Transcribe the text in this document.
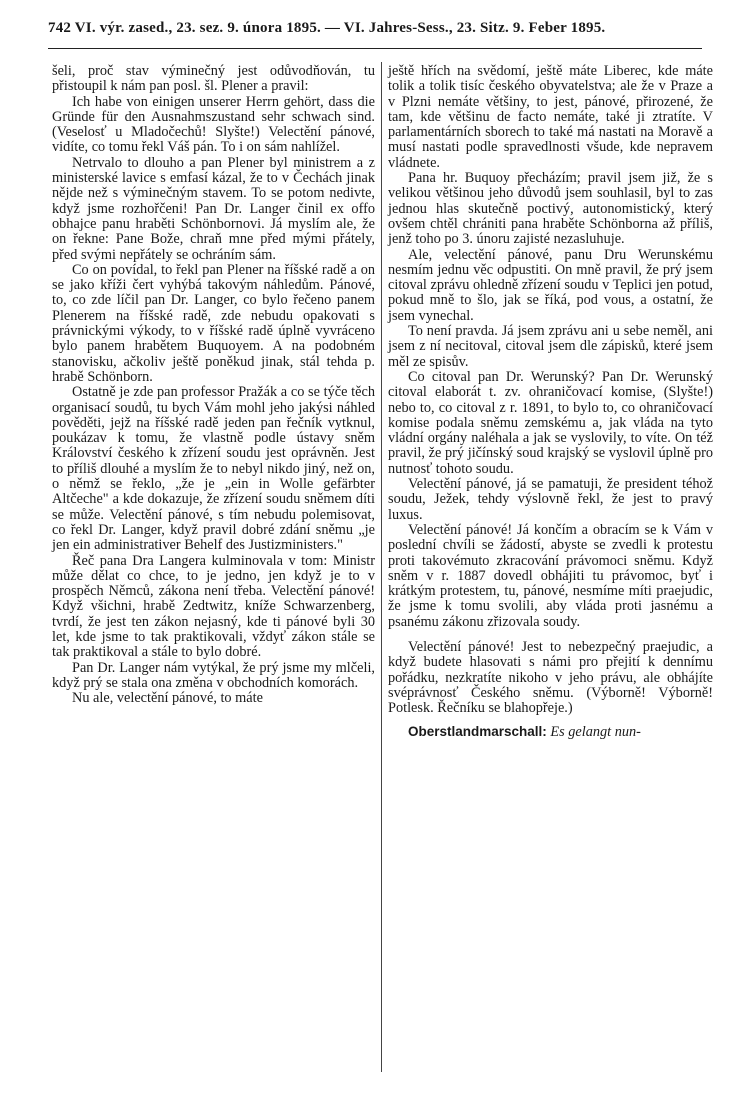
742 VI. výr. zased., 23. sez. 9. února 1895. — VI. Jahres-Sess., 23. Sitz. 9. Feber 1895.

šeli, proč stav výminečný jest odůvodňován, tu přistoupil k nám pan posl. šl. Plener a pravil:

Ich habe von einigen unserer Herrn gehört, dass die Gründe für den Ausnahmszustand sehr schwach sind. (Veselosť u Mladočechů! Slyšte!) Velectění pánové, vidíte, co tomu řekl Váš pán. To i on sám nahlížel.

Netrvalo to dlouho a pan Plener byl ministrem a z ministerské lavice s emfasí kázal, že to v Čechách jinak nějde než s výminečným stavem. To se potom nedivte, když jsme rozhořčeni! Pan Dr. Langer činil ex offo obhajce panu hraběti Schönbornovi. Já myslím ale, že on řekne: Pane Bože, chraň mne před mými přátely, před svými nepřátely se ochráním sám.

Co on povídal, to řekl pan Plener na říšské radě a on se jako kříži čert vyhýbá takovým náhledům. Pánové, to, co zde líčil pan Dr. Langer, co bylo řečeno panem Plenerem na říšské radě, zde nebudu opakovati s právnickými výkody, to v říšské radě úplně vyvráceno bylo panem hrabětem Buquoyem. A na podobném stanovisku, ačkoliv ještě poněkud jinak, stál tehda p. hrabě Schönborn.

Ostatně je zde pan professor Pražák a co se týče těch organisací soudů, tu bych Vám mohl jeho jakýsi náhled pověděti, jejž na říšské radě jeden pan řečník vytknul, poukázav k tomu, že vlastně podle ústavy sněm Království českého k zřízení soudu jest oprávněn. Jest to příliš dlouhé a myslím že to nebyl nikdo jiný, než on, o němž se řeklo, „že je „ein in Wolle gefärbter Altčeche" a kde dokazuje, že zřízení soudu sněmem díti se může. Velectění pánové, s tím nebudu polemisovat, co řekl Dr. Langer, když pravil dobré zdání sněmu „je jen ein administrativer Behelf des Justizministers."

Řeč pana Dra Langera kulminovala v tom: Ministr může dělat co chce, to je jedno, jen když je to v prospěch Němců, zákona není třeba. Velectění pánové! Když všichni, hrabě Zedtwitz, kníže Schwarzenberg, tvrdí, že jest ten zákon nejasný, kde ti pánové byli 30 let, kde jsme to tak praktikovali, vždyť zákon stále se tak praktikoval a stále to bylo dobré.

Pan Dr. Langer nám vytýkal, že prý jsme my mlčeli, když prý se stala ona změna v obchodních komorách.

Nu ale, velectění pánové, to máte

ještě hřích na svědomí, ještě máte Liberec, kde máte tolik a tolik tisíc českého obyvatelstva; ale že v Praze a v Plzni nemáte většiny, to jest, pánové, přirozené, že tam, kde většinu de facto nemáte, také ji ztratíte. V parlamentárních sborech to také má nastati na Moravě a musí nastati podle spravedlnosti všude, kde nepravem vládnete.

Pana hr. Buquoy přecházím; pravil jsem již, že s velikou většinou jeho důvodů jsem souhlasil, byl to zas jednou hlas skutečně poctivý, autonomistický, který ovšem chtěl chrániti pana hraběte Schönborna až příliš, jenž toho po 3. únoru zajisté nezasluhuje.

Ale, velectění pánové, panu Dru Werunskému nesmím jednu věc odpustiti. On mně pravil, že prý jsem citoval zprávu ohledně zřízení soudu v Teplici jen potud, pokud mně to šlo, jak se říká, pod vous, a ostatní, že jsem vynechal.

To není pravda. Já jsem zprávu ani u sebe neměl, ani jsem z ní necitoval, citoval jsem dle zápisků, které jsem měl ze spisův.

Co citoval pan Dr. Werunský? Pan Dr. Werunský citoval elaborát t. zv. ohraničovací komise, (Slyšte!) nebo to, co citoval z r. 1891, to bylo to, co ohraničovací komise podala sněmu zemskému a, jak vláda na tyto vládní orgány naléhala a jak se vyslovily, to víte. On též pravil, že prý jičínský soud krajský se vyslovil úplně pro nutnosť tohoto soudu.

Velectění pánové, já se pamatuji, že president téhož soudu, Ježek, tehdy výslovně řekl, že jest to pravý luxus.

Velectění pánové! Já končím a obracím se k Vám v poslední chvíli se žádostí, abyste se zvedli k protestu proti takovémuto zkracování právomoci sněmu. Když sněm v r. 1887 dovedl obhájiti tu právomoc, byť i krátkým protestem, tu, pánové, nesmíme míti praejudic, že jsme k tomu svolili, aby vláda proti jasnému a psanému zákonu zřizovala soudy.

Velectění pánové! Jest to nebezpečný praejudic, a když budete hlasovati s námi pro přejití k dennímu pořádku, nezkratíte nikoho v jeho právu, ale obhájíte svéprávnosť Českého sněmu. (Výborně! Výborně! Potlesk. Řečníku se blahopřeje.)

Oberstlandmarschall: Es gelangt nun-
